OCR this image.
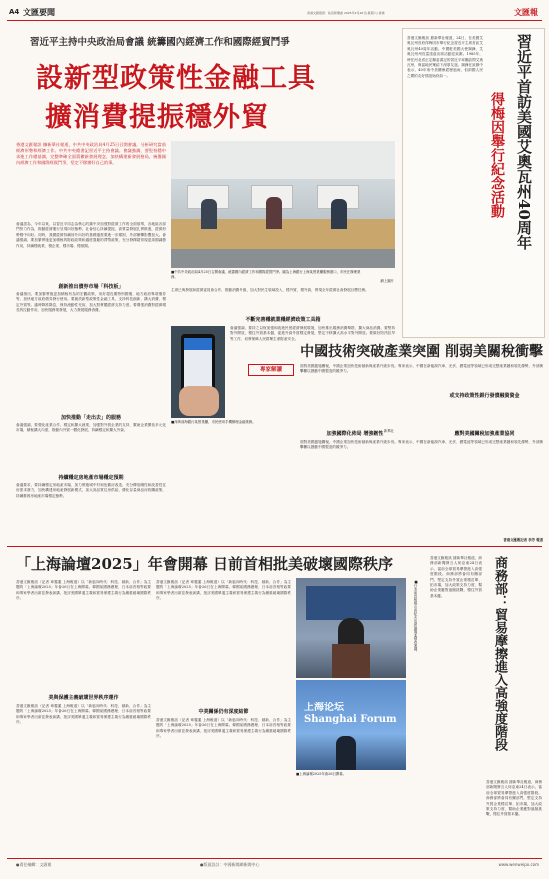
A4 文匯要聞	香港文匯報訊：政府新聞處 2025年4月26日(星期六) 香港	文匯報
習近平主持中央政治局會議 統籌國內經濟工作和國際經貿鬥爭
設新型政策性金融工具
擴消費提振穩外貿
香港文匯報訊 據新華社報道，中共中央政治局4月25日召開會議，分析研究當前經濟形勢和經濟工作。中共中央總書記習近平主持會議。會議強調，要堅持穩中求進工作總基調，完整準確全面貫徹新發展理念，加快構建新發展格局，統籌國內經濟工作和國際經貿鬥爭，堅定不移辦好自己的事。
■中共中央政治局4月25日召開會議，統籌國內經濟工作和國際經貿鬥爭。圖為上海銀行上海某營業廳服務窗口，市民在辦理業務。
網上圖片
會議認為，今年以來，以習近平同志為核心的黨中央加強對經濟工作的全面領導，各地區各部門努力作為，推動經濟運行呈現向好態勢，社會信心持續提振，高質量發展扎實推進，經濟形勢穩中向好。同時，我國經濟持續回升向好的基礎還需要進一步鞏固，外部衝擊影響加大。會議強調，要加緊實施更加積極的財政政策和適度寬鬆的貨幣政策，充分發揮超常規逆周期調節作用，持續穩就業、穩企業、穩市場、穩預期。
創新推出債券市場「科技板」
會議指出，要加緊實施更加積極有為的宏觀政策，用好超長期特別國債、地方政府專項債券等，加快地方政府債券發行使用。要創設新型政策性金融工具，支持科技創新、擴大消費、穩定外貿等。適時降准降息，保持流動性充裕，加大對實體經濟支持力度。要增強消費對經濟增長的拉動作用，加快服務業發展，大力發展服務消費。
加快推動「走出去」的服務
會議強調，要強化產業合作，穩定和擴大就業，加強對外貿企業的支持，幫助企業開拓多元化市場，積極擴大內需，推動內外貿一體化發展，持續穩定和擴大外資。
持續穩定房地產市場穩定預期
會議要求，要持續穩定房地產市場，加力實施城中村和危舊房改造，充分釋放剛性和改善性住房需求潛力，加快構建房地產發展新模式，加大高品質住房供給，優化存量商品房收購政策，持續鞏固房地產市場穩定態勢。
主席已與發展和經濟委員會合作，推動消費升級，加大對民生領域投入，穩外貿、穩外資，實現全年經濟社會發展目標任務。
不斷完善穩就業穩經濟政策工具箱
會議強調，要持之以恆加強和改進民營經濟發展環境，加快推出服務消費舉措，擴大商品消費。要堅持對外開放，穩住外貿基本盤，促進外資外貿穩定發展，堅定不移擴大高水平對外開放。要做好防汛抗旱等工作，切實保障人民群眾生命財產安全。
■深圳前海銀行某營業廳，市民使用手機辦理金融業務。
新華社
習近平首訪美國艾奧瓦州40周年
得梅因舉行紀念活動
香港文匯報訊 據新華社報道，24日，在美國艾奧瓦州首府得梅因市舉行紀念習近平主席首訪艾奧瓦州40周年活動。中國駐美國大使謝鋒、艾奧瓦州州長雷諾茲出席活動並致辭。1985年，時任河北省正定縣委書記的習近平率團訪問艾奧瓦州，與當地民眾結下深厚友誼。謝鋒在致辭中表示，40年來中美關係經歷風雨，但兩國人民之間的友好情誼始終如一。
中國技術突破產業突圍 削弱美關稅衝擊
專家解讀
面對美國濫施關稅，中國企業加快技術創新與產業升級步伐。專家表示，中國在新能源汽車、光伏、鋰電池等領域已形成完整產業鏈和領先優勢，外部衝擊難以撼動中國製造的競爭力。
加強國際化佈局 增強韌性	應對美國關稅加強產業協同
或支持政策性銀行發債融資資金
香港文匯報記者 李芳 報道
面對美國濫施關稅，中國企業加快技術創新與產業升級步伐。專家表示，中國在新能源汽車、光伏、鋰電池等領域已形成完整產業鏈和領先優勢，外部衝擊難以撼動中國製造的競爭力。
「上海論壇2025」年會開幕 日前首相批美破壞國際秩序
香港文匯報訊（記者 章蕙蓮 上海報道）以「新風向時代：科技、創新、合作」為主題的「上海論壇2025」年會26日在上海開幕。韓國前國務總理、日本前首相等政要和專家學者出席並發表演講，批評美國單邊主義和貿易保護主義行為嚴重破壞國際秩序。
美與保護主義破壞世界秩序運作
香港文匯報訊（記者 章蕙蓮 上海報道）以「新風向時代：科技、創新、合作」為主題的「上海論壇2025」年會26日在上海開幕。韓國前國務總理、日本前首相等政要和專家學者出席並發表演講，批評美國單邊主義和貿易保護主義行為嚴重破壞國際秩序。
香港文匯報訊（記者 章蕙蓮 上海報道）以「新風向時代：科技、創新、合作」為主題的「上海論壇2025」年會26日在上海開幕。韓國前國務總理、日本前首相等政要和專家學者出席並發表演講，批評美國單邊主義和貿易保護主義行為嚴重破壞國際秩序。
中美關係仍有深度結節
香港文匯報訊（記者 章蕙蓮 上海報道）以「新風向時代：科技、創新、合作」為主題的「上海論壇2025」年會26日在上海開幕。韓國前國務總理、日本前首相等政要和專家學者出席並發表演講，批評美國單邊主義和貿易保護主義行為嚴重破壞國際秩序。
■日本前首相鳩山由紀夫出席論壇並發表演講。
上海论坛 Shanghai Forum
■上海論壇2025年會26日開幕。
商務部：貿易摩擦進入高強度階段
香港文匯報訊 據新華社報道，商務部新聞發言人何亞東24日表示，當前全球貿易摩擦進入高強度階段。商務部將會同有關部門，堅定支持外貿企業穩訂單、拓市場，加大政策支持力度，幫助企業應對風險挑戰，穩住外貿基本盤。
香港文匯報訊 據新華社報道，商務部新聞發言人何亞東24日表示，當前全球貿易摩擦進入高強度階段。商務部將會同有關部門，堅定支持外貿企業穩訂單、拓市場，加大政策支持力度，幫助企業應對風險挑戰，穩住外貿基本盤。
●責任編輯：文匯報	●版面設計：中國新聞網新聞中心	www.wenweipo.com
